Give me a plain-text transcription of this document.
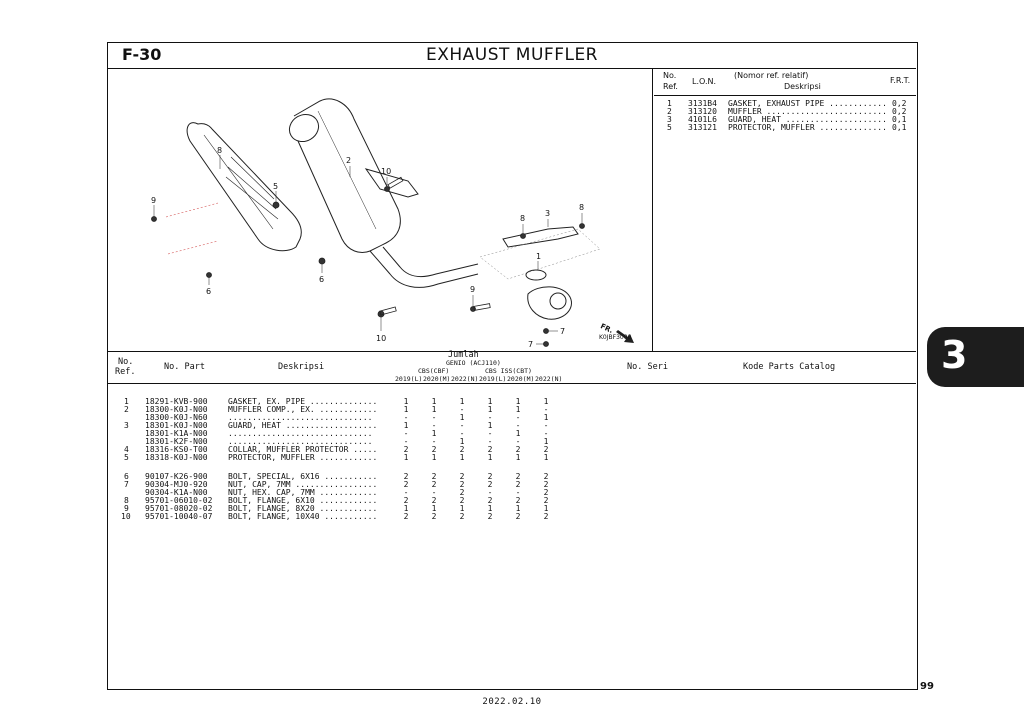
F-30	EXHAUST MUFFLER
8
9
6
5
6
2
10
10
9
8
8
3
1
7
7
FR.
K0JBF3000
No.
Ref.
L.O.N.
(Nomor ref. relatif)
Deskripsi
F.R.T.
1 3131B4 GASKET, EXHAUST PIPE ............ 0,2
2 313120 MUFFLER ......................... 0,2
3 4101L6 GUARD, HEAT ..................... 0,1
5 313121 PROTECTOR, MUFFLER .............. 0,1
No.
Ref.	No. Part	Deskripsi
Jumlah
GENIO (ACJ110)
CBS(CBF)	CBS ISS(CBT)
2019(L) 2020(M) 2022(N) 2019(L) 2020(M) 2022(N)
No. Seri	Kode Parts Catalog
1 18291-KVB-900	GASKET, EX. PIPE ..............	1	1	1	1	1	1
2 18300-K0J-N00	MUFFLER COMP., EX. ............	1	1	-	1	1	-
18300-K0J-N60	..............................	-	-	1	-	-	1
3 18301-K0J-N00	GUARD, HEAT ...................	1	-	-	1	-	-
18301-K1A-N00	..............................	-	1	-	-	1	-
18301-K2F-N00	..............................	-	-	1	-	-	1
4 18316-KS0-T00	COLLAR, MUFFLER PROTECTOR .....	2	2	2	2	2	2
5 18318-K0J-N00	PROTECTOR, MUFFLER ............	1	1	1	1	1	1
6 90107-K26-900	BOLT, SPECIAL, 6X16 ...........	2	2	2	2	2	2
7 90304-MJ0-920	NUT, CAP, 7MM .................	2	2	2	2	2	2
90304-K1A-N00	NUT, HEX. CAP, 7MM ............	-	-	2	-	-	2
8 95701-06010-02 BOLT, FLANGE, 6X10 ............	2	2	2	2	2	2
9 95701-08020-02 BOLT, FLANGE, 8X20 ............	1	1	1	1	1	1
10 95701-10040-07 BOLT, FLANGE, 10X40 ...........	2	2	2	2	2	2
3
99
2022.02.10
